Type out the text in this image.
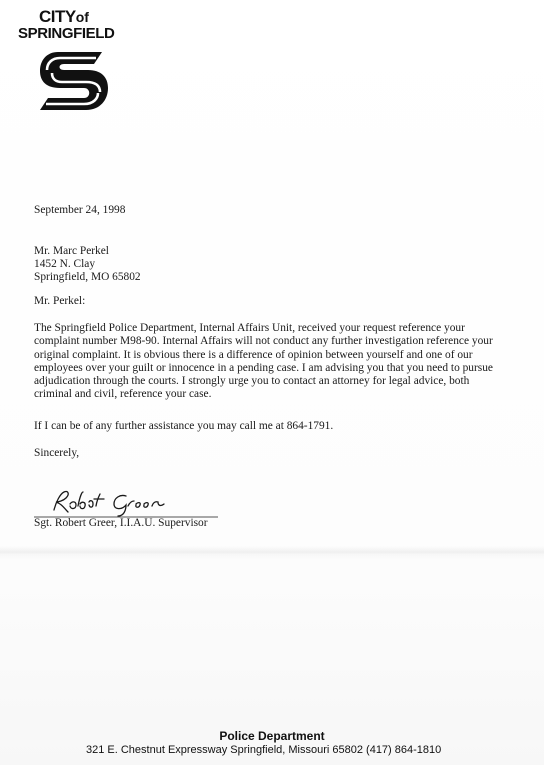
CITYof
SPRINGFIELD
September 24, 1998
Mr. Marc Perkel
1452 N. Clay
Springfield, MO 65802
Mr. Perkel:
The Springfield Police Department, Internal Affairs Unit, received your request reference your
complaint number M98-90. Internal Affairs will not conduct any further investigation reference your
original complaint. It is obvious there is a difference of opinion between yourself and one of our
employees over your guilt or innocence in a pending case. I am advising you that you need to pursue
adjudication through the courts. I strongly urge you to contact an attorney for legal advice, both
criminal and civil, reference your case.
If I can be of any further assistance you may call me at 864-1791.
Sincerely,
Sgt. Robert Greer, I.I.A.U. Supervisor
Police Department
321 E. Chestnut Expressway Springfield, Missouri 65802 (417) 864-1810
